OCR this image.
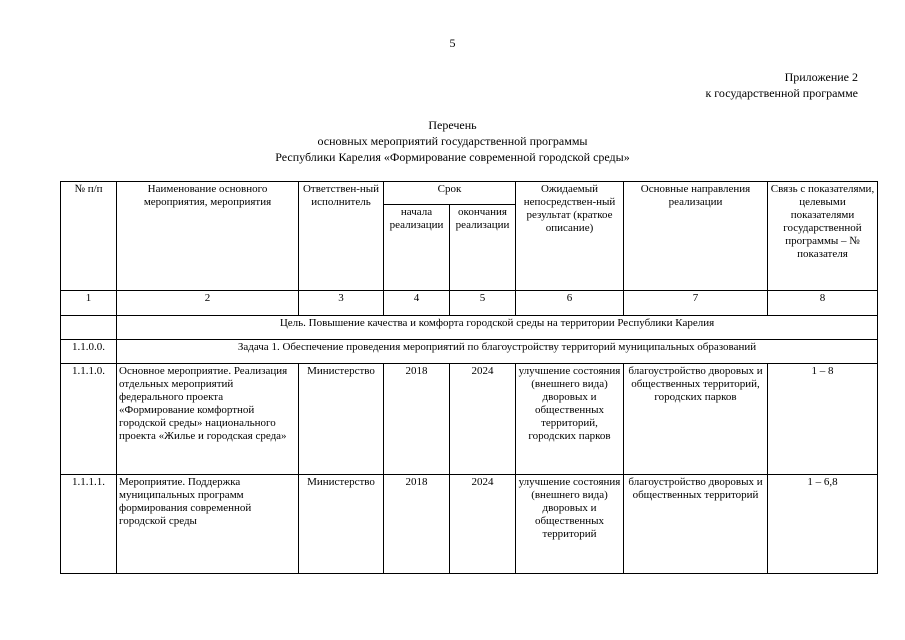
5
Приложение 2
к государственной программе
Перечень
основных мероприятий государственной программы
Республики Карелия «Формирование современной городской среды»
№ п/п	Наименование основного мероприятия, мероприятия	Ответствен-ный исполнитель	Срок		Ожидаемый непосредствен-ный результат (краткое описание)	Основные направления реализации	Связь с показателями, целевыми показателями государственной программы – № показателя
			начала реализации	окончания реализации			
1	2	3	4	5	6	7	8
	Цель. Повышение качества и комфорта городской среды на территории Республики Карелия						
1.1.0.0.	Задача 1. Обеспечение проведения мероприятий по благоустройству территорий муниципальных образований						
1.1.1.0.	Основное мероприятие. Реализация отдельных мероприятий федерального проекта «Формирование комфортной городской среды» национального проекта «Жилье и городская среда»	Министерство	2018	2024	улучшение состояния (внешнего вида) дворовых и общественных территорий, городских парков	благоустройство дворовых и общественных территорий, городских парков	1 – 8
1.1.1.1.	Мероприятие. Поддержка муниципальных программ формирования современной городской среды	Министерство	2018	2024	улучшение состояния (внешнего вида) дворовых и общественных территорий	благоустройство дворовых и общественных территорий	1 – 6,8
